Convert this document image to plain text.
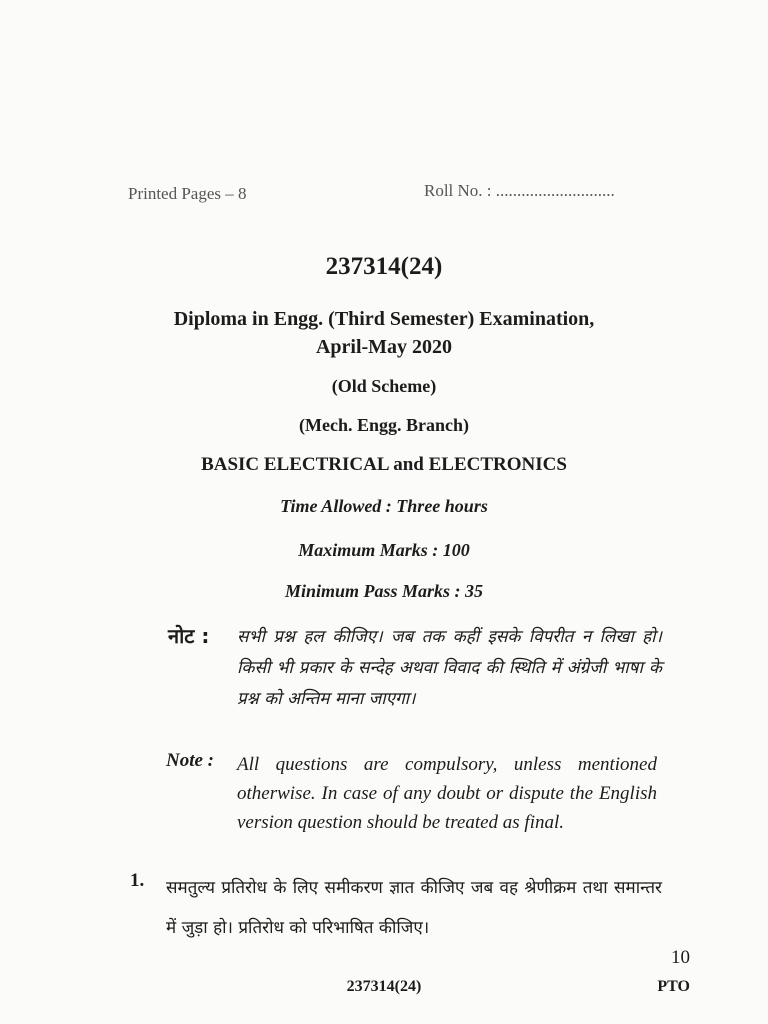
Printed Pages – 8	Roll No. : ............................
237314(24)
Diploma in Engg. (Third Semester) Examination,
April-May 2020
(Old Scheme)
(Mech. Engg. Branch)
BASIC ELECTRICAL and ELECTRONICS
Time Allowed : Three hours
Maximum Marks : 100
Minimum Pass Marks : 35
नोट : सभी प्रश्न हल कीजिए। जब तक कहीं इसके विपरीत न लिखा हो। किसी भी प्रकार के सन्देह अथवा विवाद की स्थिति में अंग्रेजी भाषा के प्रश्न को अन्तिम माना जाएगा।
Note : All questions are compulsory, unless mentioned otherwise. In case of any doubt or dispute the English version question should be treated as final.
1. समतुल्य प्रतिरोध के लिए समीकरण ज्ञात कीजिए जब वह श्रेणीक्रम तथा समान्तर में जुड़ा हो। प्रतिरोध को परिभाषित कीजिए।
10
237314(24)	PTO
